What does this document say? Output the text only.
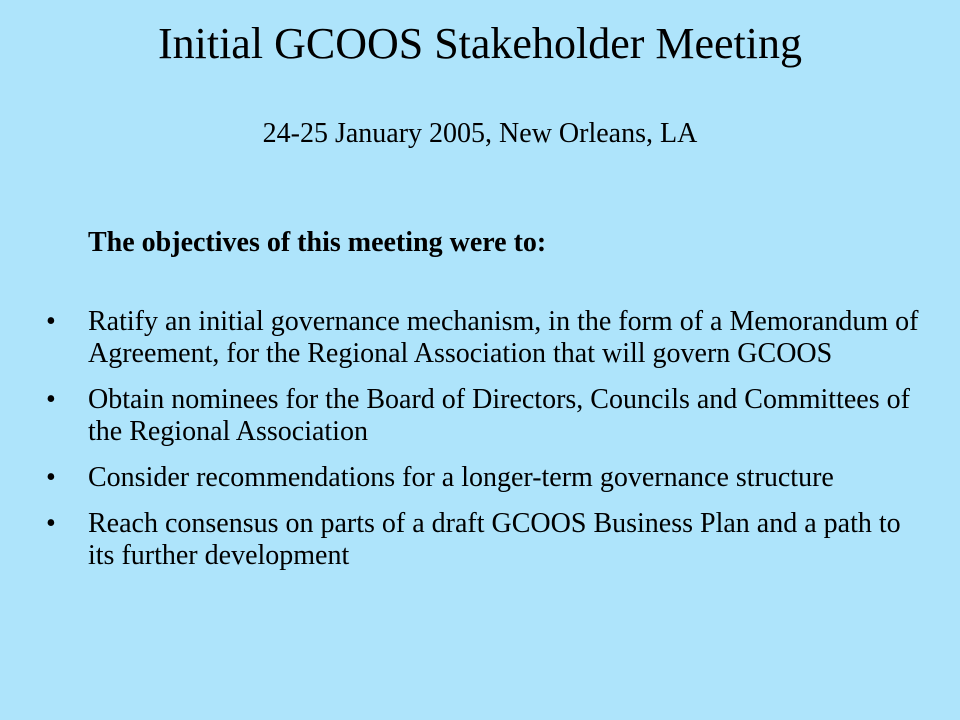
Initial GCOOS Stakeholder Meeting

24-25 January 2005, New Orleans, LA

The objectives of this meeting were to:

•	Ratify an initial governance mechanism, in the form of a Memorandum of Agreement, for the Regional Association that will govern GCOOS
•	Obtain nominees for the Board of Directors, Councils and Committees of the Regional Association
•	Consider recommendations for a longer-term governance structure
•	Reach consensus on parts of a draft GCOOS Business Plan and a path to its further development
